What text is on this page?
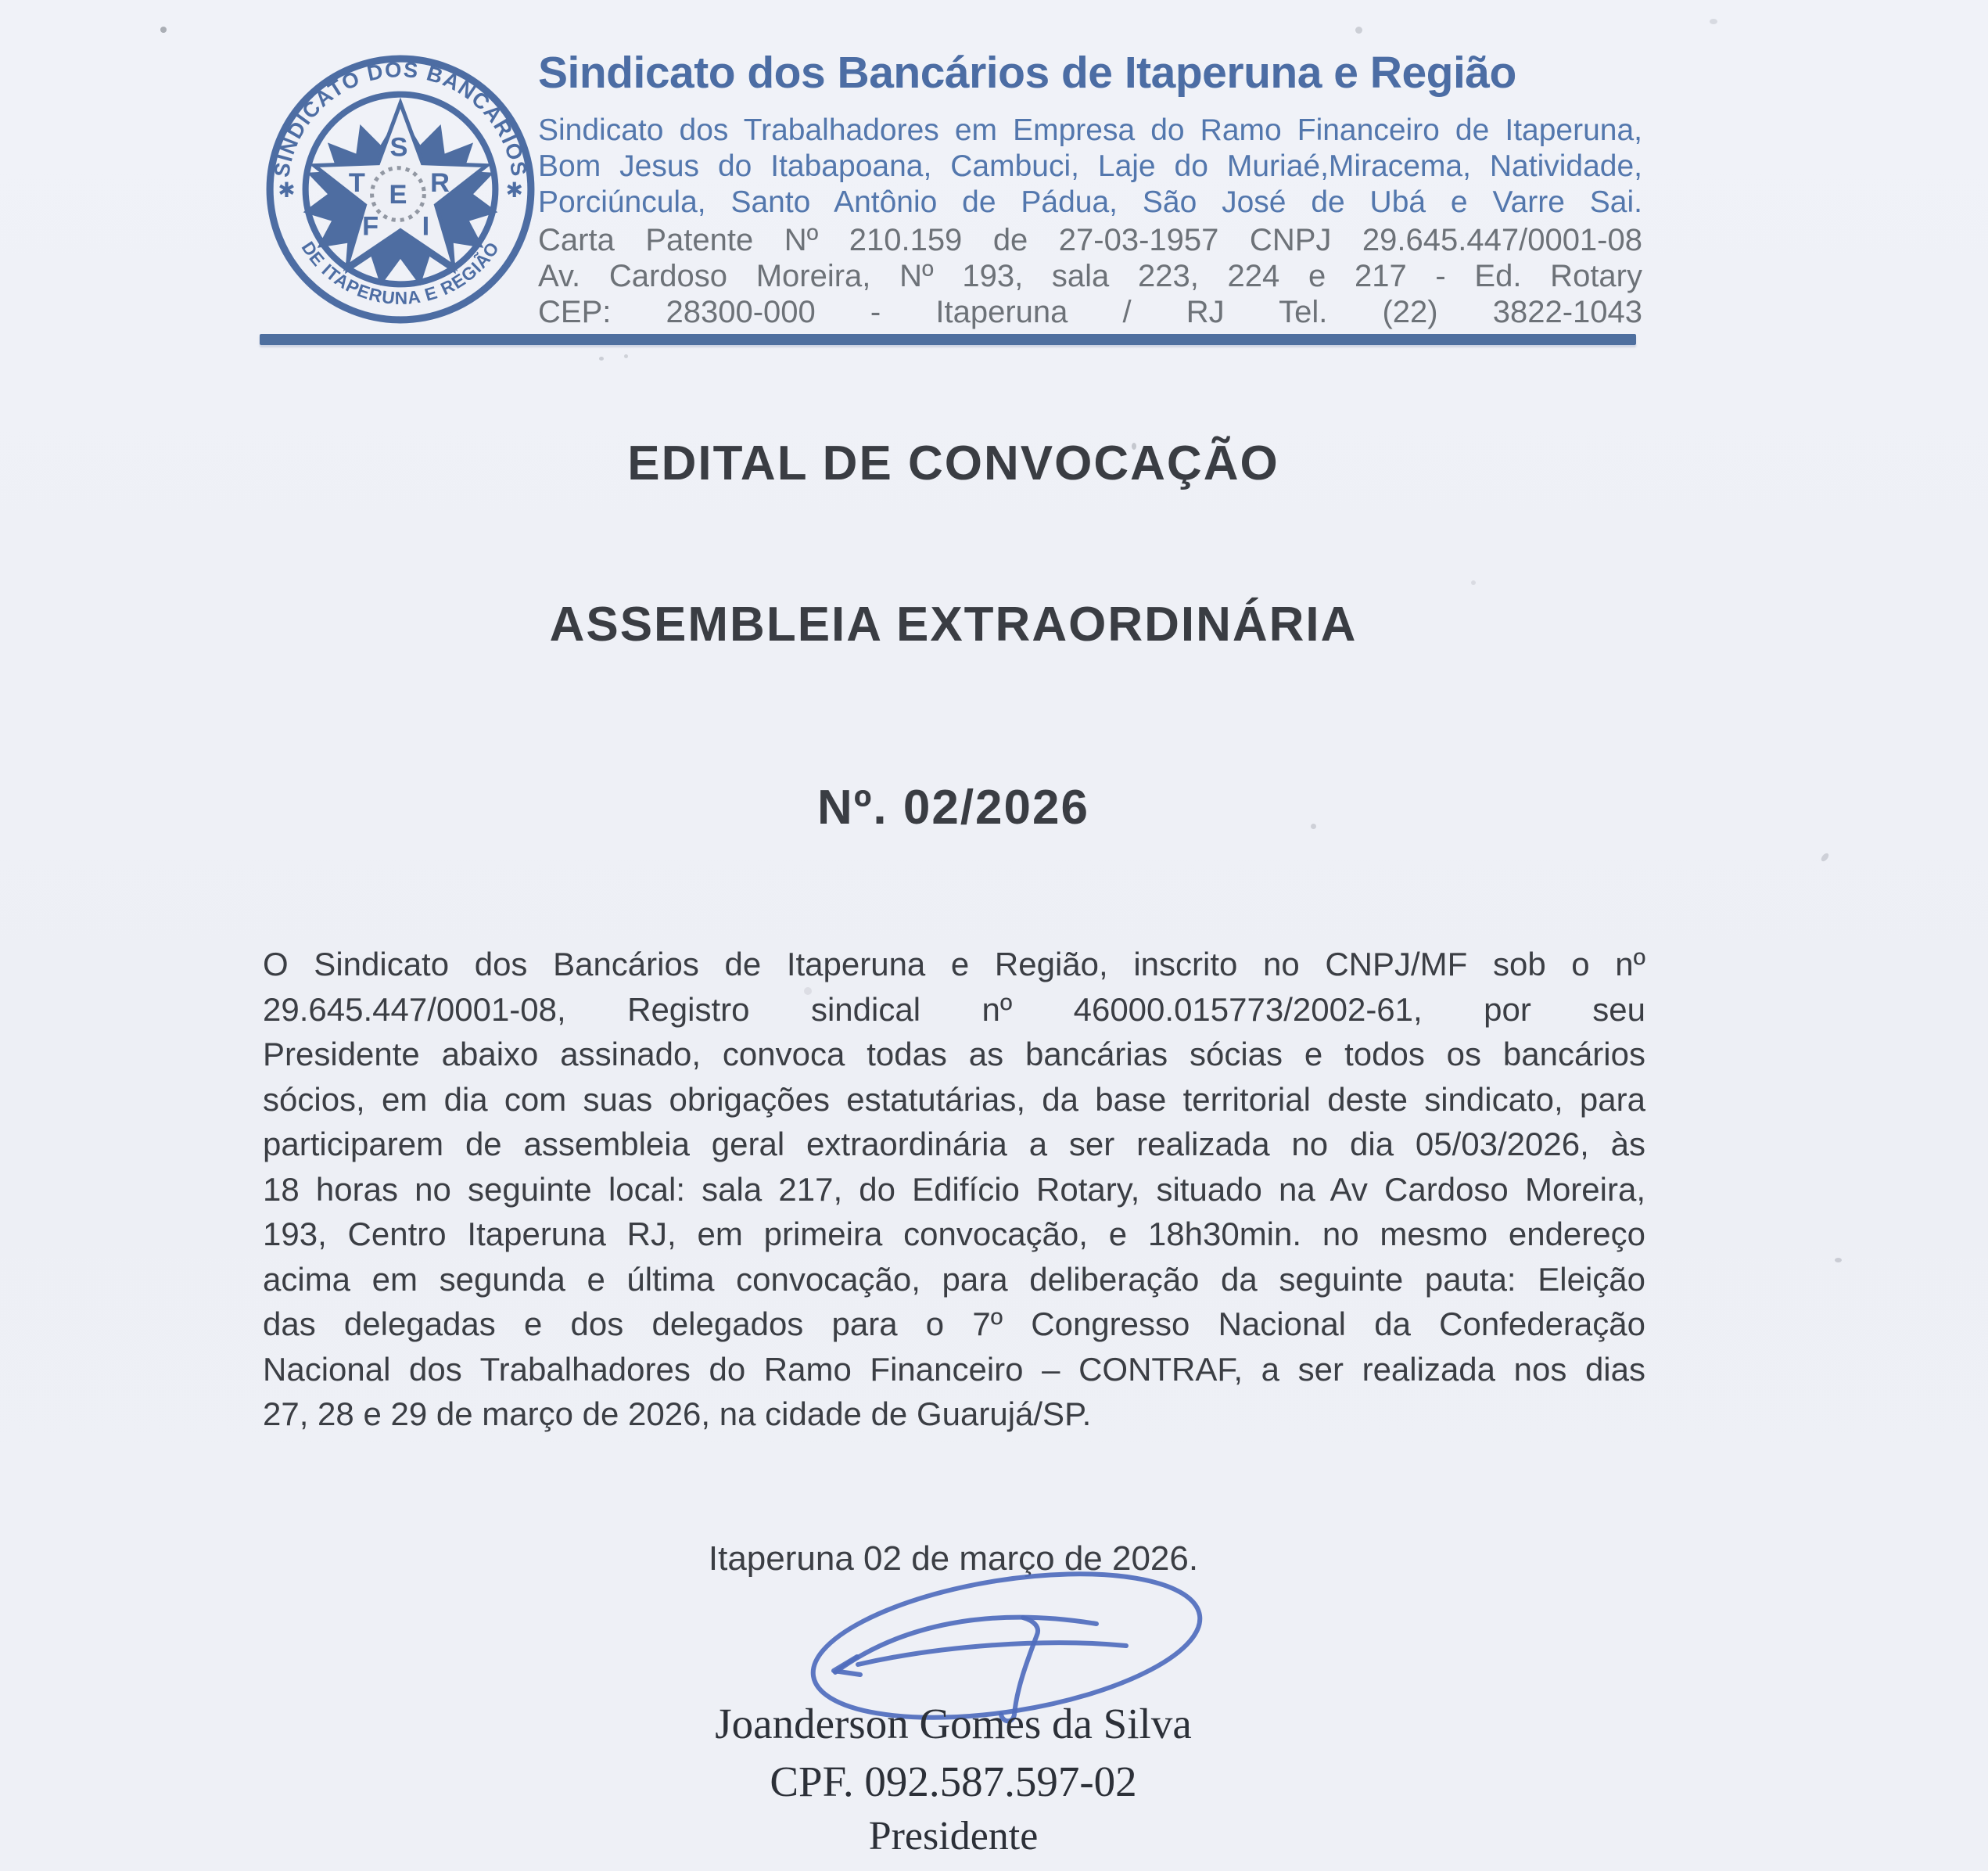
S
T E R
F I
SINDICATO DOS BANCÁRIOS
DE ITAPERUNA E REGIÃO
✱	✱
Sindicato dos Bancários de Itaperuna e Região
Sindicato dos Trabalhadores em Empresa do Ramo Financeiro de Itaperuna,
Bom Jesus do Itabapoana, Cambuci, Laje do Muriaé,Miracema, Natividade,
Porciúncula, Santo Antônio de Pádua, São José de Ubá e Varre Sai.
Carta Patente Nº 210.159 de 27-03-1957 CNPJ 29.645.447/0001-08
Av. Cardoso Moreira, Nº 193, sala 223, 224 e 217 - Ed. Rotary
CEP: 28300-000 - Itaperuna / RJ Tel. (22) 3822-1043
EDITAL DE CONVOCAÇÃO
ASSEMBLEIA EXTRAORDINÁRIA
Nº. 02/2026
O Sindicato dos Bancários de Itaperuna e Região, inscrito no CNPJ/MF sob o nº
29.645.447/0001-08, Registro sindical nº 46000.015773/2002-61, por seu
Presidente abaixo assinado, convoca todas as bancárias sócias e todos os bancários
sócios, em dia com suas obrigações estatutárias, da base territorial deste sindicato, para
participarem de assembleia geral extraordinária a ser realizada no dia 05/03/2026, às
18 horas no seguinte local: sala 217, do Edifício Rotary, situado na Av Cardoso Moreira,
193, Centro Itaperuna RJ, em primeira convocação, e 18h30min. no mesmo endereço
acima em segunda e última convocação, para deliberação da seguinte pauta: Eleição
das delegadas e dos delegados para o 7º Congresso Nacional da Confederação
Nacional dos Trabalhadores do Ramo Financeiro – CONTRAF, a ser realizada nos dias
27, 28 e 29 de março de 2026, na cidade de Guarujá/SP.
Itaperuna 02 de março de 2026.
Joanderson Gomes da Silva
CPF. 092.587.597-02
Presidente
